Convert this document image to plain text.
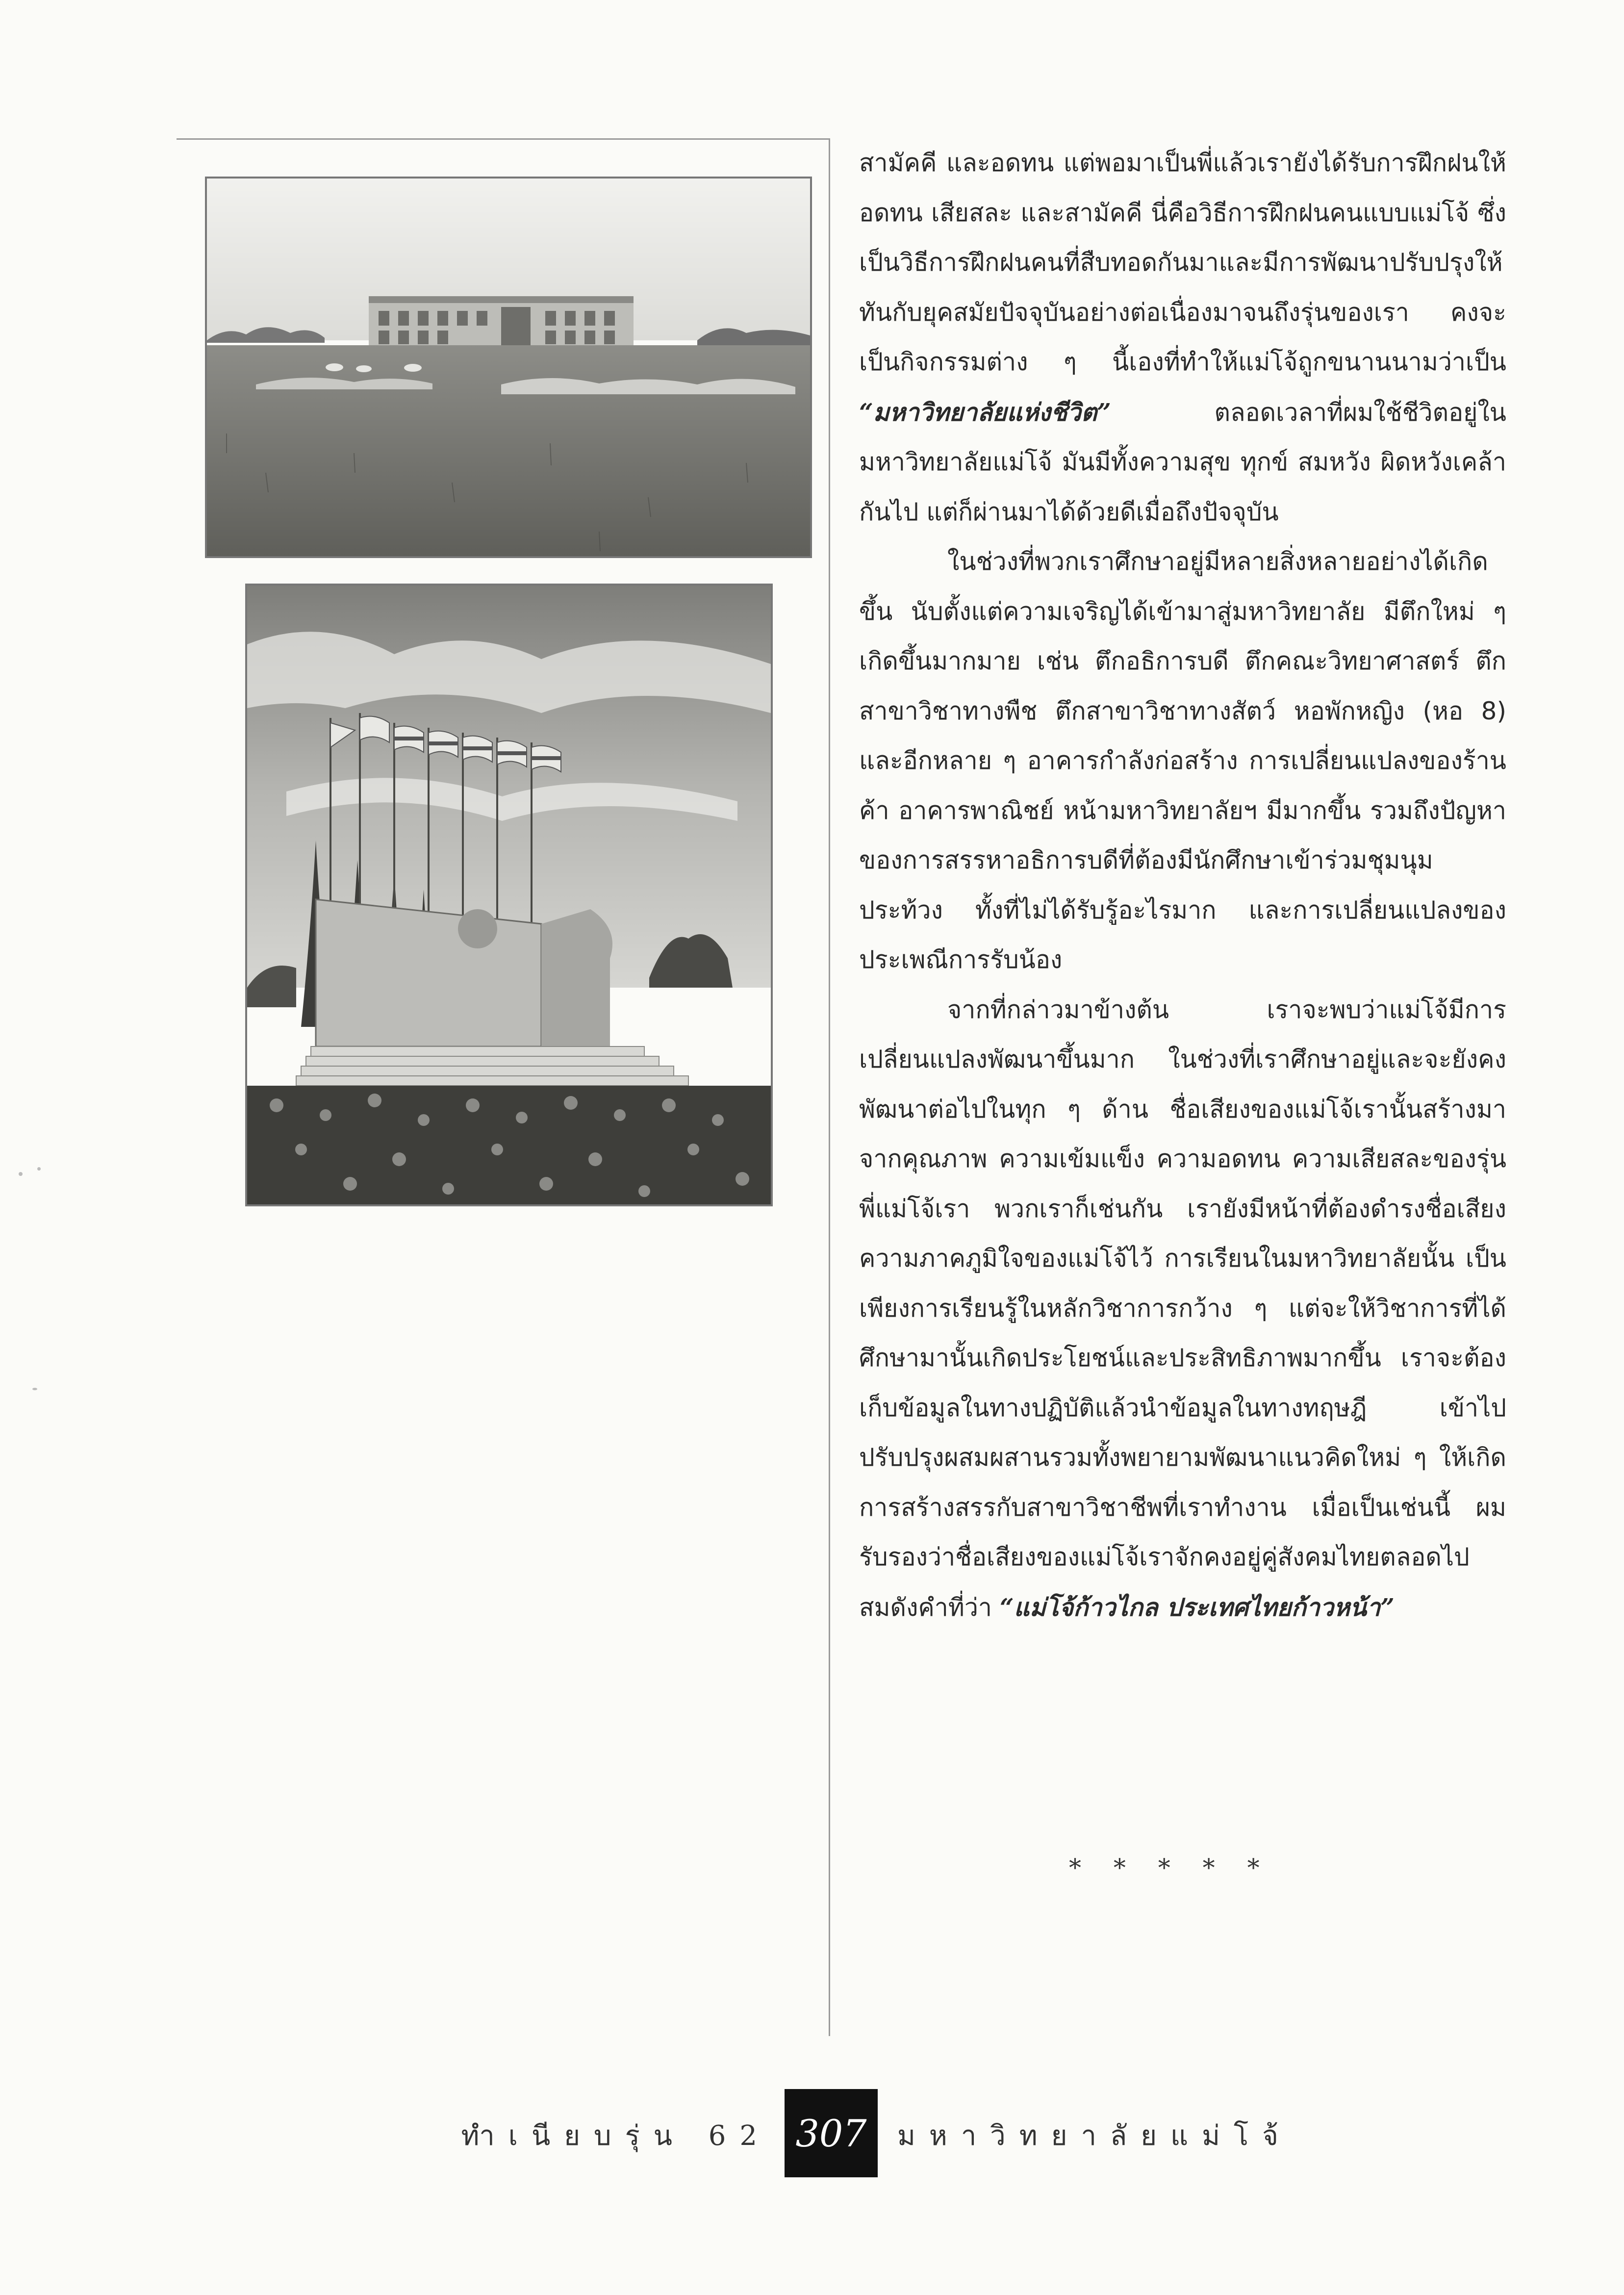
สามัคคี และอดทน แต่พอมาเป็นพี่แล้วเรายังได้รับการฝึกฝนให้อดทน เสียสละ และสามัคคี นี่คือวิธีการฝึกฝนคนแบบแม่โจ้ ซึ่งเป็นวิธีการฝึกฝนคนที่สืบทอดกันมาและมีการพัฒนาปรับปรุงให้ทันกับยุคสมัยปัจจุบันอย่างต่อเนื่องมาจนถึงรุ่นของเรา คงจะเป็นกิจกรรมต่าง ๆ นี้เองที่ทำให้แม่โจ้ถูกขนานนามว่าเป็น “มหาวิทยาลัยแห่งชีวิต”	ตลอดเวลาที่ผมใช้ชีวิตอยู่ในมหาวิทยาลัยแม่โจ้ มันมีทั้งความสุข ทุกข์ สมหวัง ผิดหวังเคล้ากันไป แต่ก็ผ่านมาได้ด้วยดีเมื่อถึงปัจจุบัน

ในช่วงที่พวกเราศึกษาอยู่มีหลายสิ่งหลายอย่างได้เกิดขึ้น นับตั้งแต่ความเจริญได้เข้ามาสู่มหาวิทยาลัย มีตึกใหม่ ๆ เกิดขึ้นมากมาย เช่น ตึกอธิการบดี ตึกคณะวิทยาศาสตร์ ตึกสาขาวิชาทางพืช ตึกสาขาวิชาทางสัตว์ หอพักหญิง (หอ 8) และอีกหลาย ๆ อาคารกำลังก่อสร้าง การเปลี่ยนแปลงของร้านค้า อาคารพาณิชย์ หน้ามหาวิทยาลัยฯ มีมากขึ้น รวมถึงปัญหาของการสรรหาอธิการบดีที่ต้องมีนักศึกษาเข้าร่วมชุมนุมประท้วง ทั้งที่ไม่ได้รับรู้อะไรมาก และการเปลี่ยนแปลงของประเพณีการรับน้อง

จากที่กล่าวมาข้างต้น เราจะพบว่าแม่โจ้มีการเปลี่ยนแปลงพัฒนาขึ้นมาก ในช่วงที่เราศึกษาอยู่และจะยังคงพัฒนาต่อไปในทุก ๆ ด้าน ชื่อเสียงของแม่โจ้เรานั้นสร้างมาจากคุณภาพ ความเข้มแข็ง ความอดทน ความเสียสละของรุ่นพี่แม่โจ้เรา พวกเราก็เช่นกัน เรายังมีหน้าที่ต้องดำรงชื่อเสียง ความภาคภูมิใจของแม่โจ้ไว้ การเรียนในมหาวิทยาลัยนั้น เป็นเพียงการเรียนรู้ในหลักวิชาการกว้าง ๆ แต่จะให้วิชาการที่ได้ศึกษามานั้นเกิดประโยชน์และประสิทธิภาพมากขึ้น เราจะต้องเก็บข้อมูลในทางปฏิบัติแล้วนำข้อมูลในทางทฤษฎี เข้าไปปรับปรุงผสมผสานรวมทั้งพยายามพัฒนาแนวคิดใหม่ ๆ ให้เกิดการสร้างสรรกับสาขาวิชาชีพที่เราทำงาน เมื่อเป็นเช่นนี้ ผมรับรองว่าชื่อเสียงของแม่โจ้เราจักคงอยู่คู่สังคมไทยตลอดไป สมดังคำที่ว่า “แม่โจ้ก้าวไกล ประเทศไทยก้าวหน้า”

* * * * *
ทำเนียบรุ่น 62 307	มหาวิทยาลัยแม่โจ้
